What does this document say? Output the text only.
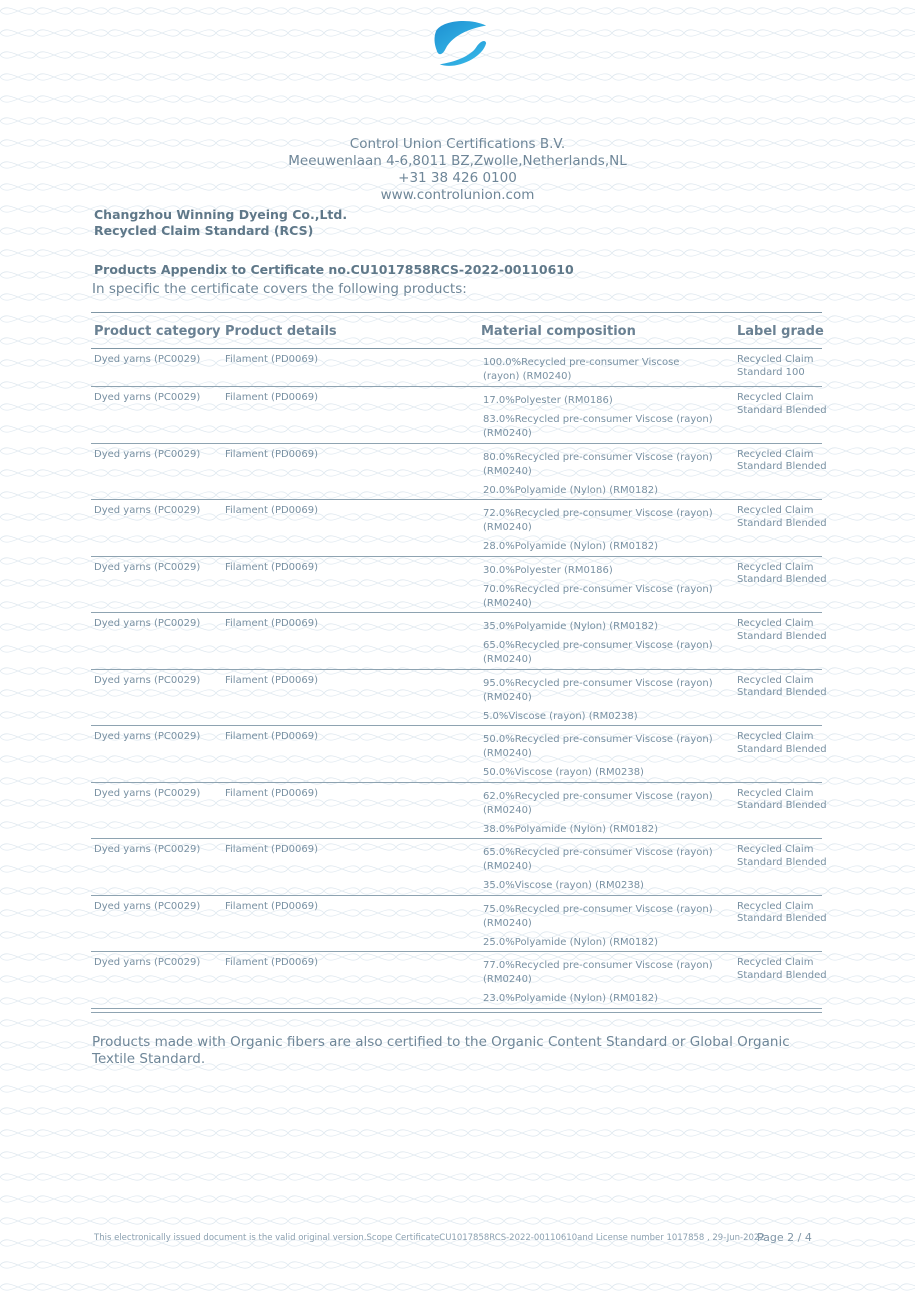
Control Union Certifications B.V.
Meeuwenlaan 4-6,8011 BZ,Zwolle,Netherlands,NL
+31 38 426 0100
www.controlunion.com
Changzhou Winning Dyeing Co.,Ltd.
Recycled Claim Standard (RCS)
Products Appendix to Certificate no.CU1017858RCS-2022-00110610
In specific the certificate covers the following products:
Product category Product details	Material composition	Label grade
Dyed yarns (PC0029) Filament (PD0069)	100.0%Recycled pre-consumer Viscose (rayon) (RM0240)
Recycled Claim Standard 100
Dyed yarns (PC0029) Filament (PD0069)	17.0%Polyester (RM0186)
83.0%Recycled pre-consumer Viscose (rayon) (RM0240)
Recycled Claim Standard Blended
Dyed yarns (PC0029) Filament (PD0069)	80.0%Recycled pre-consumer Viscose (rayon) (RM0240)
20.0%Polyamide (Nylon) (RM0182)
Recycled Claim Standard Blended
Dyed yarns (PC0029) Filament (PD0069)	72.0%Recycled pre-consumer Viscose (rayon) (RM0240)
28.0%Polyamide (Nylon) (RM0182)
Recycled Claim Standard Blended
Dyed yarns (PC0029) Filament (PD0069)	30.0%Polyester (RM0186)
70.0%Recycled pre-consumer Viscose (rayon) (RM0240)
Recycled Claim Standard Blended
Dyed yarns (PC0029) Filament (PD0069)	35.0%Polyamide (Nylon) (RM0182)
65.0%Recycled pre-consumer Viscose (rayon) (RM0240)
Recycled Claim Standard Blended
Dyed yarns (PC0029) Filament (PD0069)	95.0%Recycled pre-consumer Viscose (rayon) (RM0240)
5.0%Viscose (rayon) (RM0238)
Recycled Claim Standard Blended
Dyed yarns (PC0029) Filament (PD0069)	50.0%Recycled pre-consumer Viscose (rayon) (RM0240)
50.0%Viscose (rayon) (RM0238)
Recycled Claim Standard Blended
Dyed yarns (PC0029) Filament (PD0069)	62.0%Recycled pre-consumer Viscose (rayon) (RM0240)
38.0%Polyamide (Nylon) (RM0182)
Recycled Claim Standard Blended
Dyed yarns (PC0029) Filament (PD0069)	65.0%Recycled pre-consumer Viscose (rayon) (RM0240)
35.0%Viscose (rayon) (RM0238)
Recycled Claim Standard Blended
Dyed yarns (PC0029) Filament (PD0069)	75.0%Recycled pre-consumer Viscose (rayon) (RM0240)
25.0%Polyamide (Nylon) (RM0182)
Recycled Claim Standard Blended
Dyed yarns (PC0029) Filament (PD0069)	77.0%Recycled pre-consumer Viscose (rayon) (RM0240)
23.0%Polyamide (Nylon) (RM0182)
Recycled Claim Standard Blended
Products made with Organic fibers are also certified to the Organic Content Standard or Global Organic Textile Standard.
This electronically issued document is the valid original version.Scope CertificateCU1017858RCS-2022-00110610and License number 1017858 , 29-Jun-2022
Page 2 / 4
